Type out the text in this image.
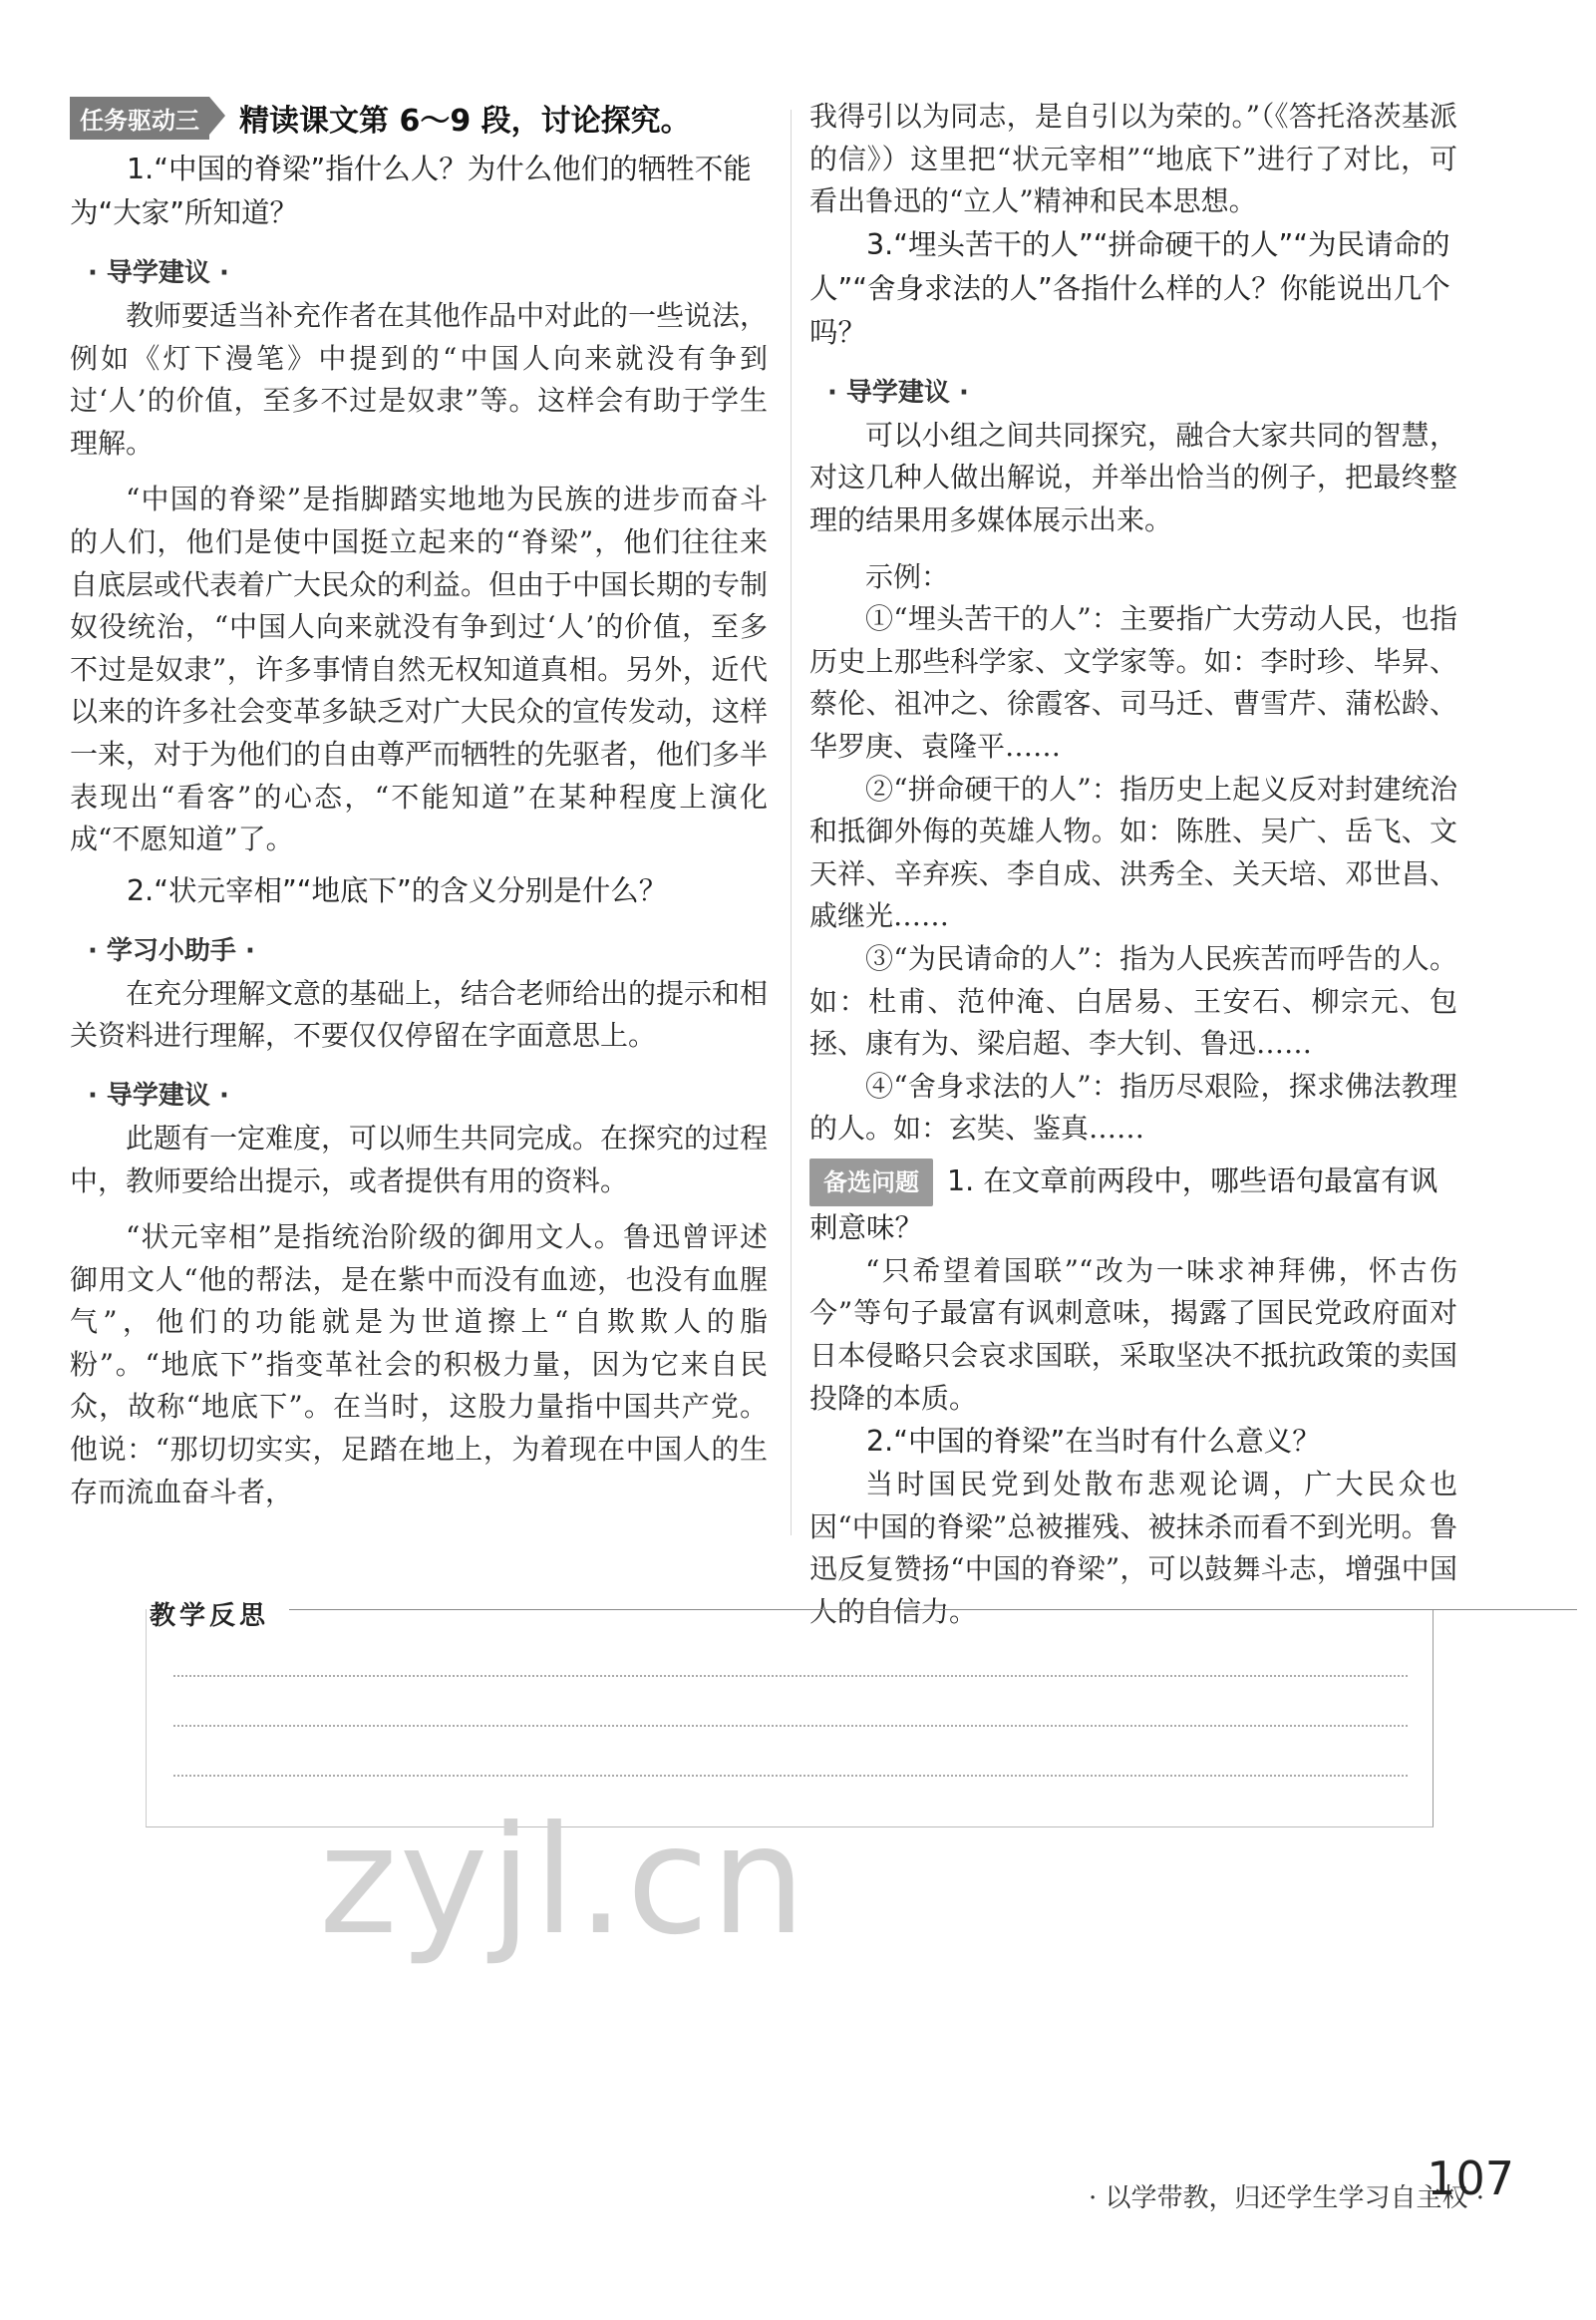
任务驱动三	精读课文第 6～9 段，讨论探究。

1.“中国的脊梁”指什么人？为什么他们的牺牲不能为“大家”所知道？

· 导学建议 ·

教师要适当补充作者在其他作品中对此的一些说法，例如《灯下漫笔》中提到的“中国人向来就没有争到过‘人’的价值，至多不过是奴隶”等。这样会有助于学生理解。

“中国的脊梁”是指脚踏实地地为民族的进步而奋斗的人们，他们是使中国挺立起来的“脊梁”，他们往往来自底层或代表着广大民众的利益。但由于中国长期的专制奴役统治，“中国人向来就没有争到过‘人’的价值，至多不过是奴隶”，许多事情自然无权知道真相。另外，近代以来的许多社会变革多缺乏对广大民众的宣传发动，这样一来，对于为他们的自由尊严而牺牲的先驱者，他们多半表现出“看客”的心态，“不能知道”在某种程度上演化成“不愿知道”了。

2.“状元宰相”“地底下”的含义分别是什么？

· 学习小助手 ·

在充分理解文意的基础上，结合老师给出的提示和相关资料进行理解，不要仅仅停留在字面意思上。

· 导学建议 ·

此题有一定难度，可以师生共同完成。在探究的过程中，教师要给出提示，或者提供有用的资料。

“状元宰相”是指统治阶级的御用文人。鲁迅曾评述御用文人“他的帮法，是在紫中而没有血迹，也没有血腥气”，他们的功能就是为世道擦上“自欺欺人的脂粉”。“地底下”指变革社会的积极力量，因为它来自民众，故称“地底下”。在当时，这股力量指中国共产党。他说：“那切切实实，足踏在地上，为着现在中国人的生存而流血奋斗者，

我得引以为同志，是自引以为荣的。”（《答托洛茨基派的信》）这里把“状元宰相”“地底下”进行了对比，可看出鲁迅的“立人”精神和民本思想。

3.“埋头苦干的人”“拼命硬干的人”“为民请命的人”“舍身求法的人”各指什么样的人？你能说出几个吗？

· 导学建议 ·

可以小组之间共同探究，融合大家共同的智慧，对这几种人做出解说，并举出恰当的例子，把最终整理的结果用多媒体展示出来。

示例：

①“埋头苦干的人”：主要指广大劳动人民，也指历史上那些科学家、文学家等。如：李时珍、毕昇、蔡伦、祖冲之、徐霞客、司马迁、曹雪芹、蒲松龄、华罗庚、袁隆平……

②“拼命硬干的人”：指历史上起义反对封建统治和抵御外侮的英雄人物。如：陈胜、吴广、岳飞、文天祥、辛弃疾、李自成、洪秀全、关天培、邓世昌、戚继光……

③“为民请命的人”：指为人民疾苦而呼告的人。如：杜甫、范仲淹、白居易、王安石、柳宗元、包拯、康有为、梁启超、李大钊、鲁迅……

④“舍身求法的人”：指历尽艰险，探求佛法教理的人。如：玄奘、鉴真……

备选问题 1. 在文章前两段中，哪些语句最富有讽刺意味？

“只希望着国联”“改为一味求神拜佛，怀古伤今”等句子最富有讽刺意味，揭露了国民党政府面对日本侵略只会哀求国联，采取坚决不抵抗政策的卖国投降的本质。

2.“中国的脊梁”在当时有什么意义？

当时国民党到处散布悲观论调，广大民众也因“中国的脊梁”总被摧残、被抹杀而看不到光明。鲁迅反复赞扬“中国的脊梁”，可以鼓舞斗志，增强中国人的自信力。

教学反思
zyjl.cn
· 以学带教，归还学生学习自主权 ·
107
